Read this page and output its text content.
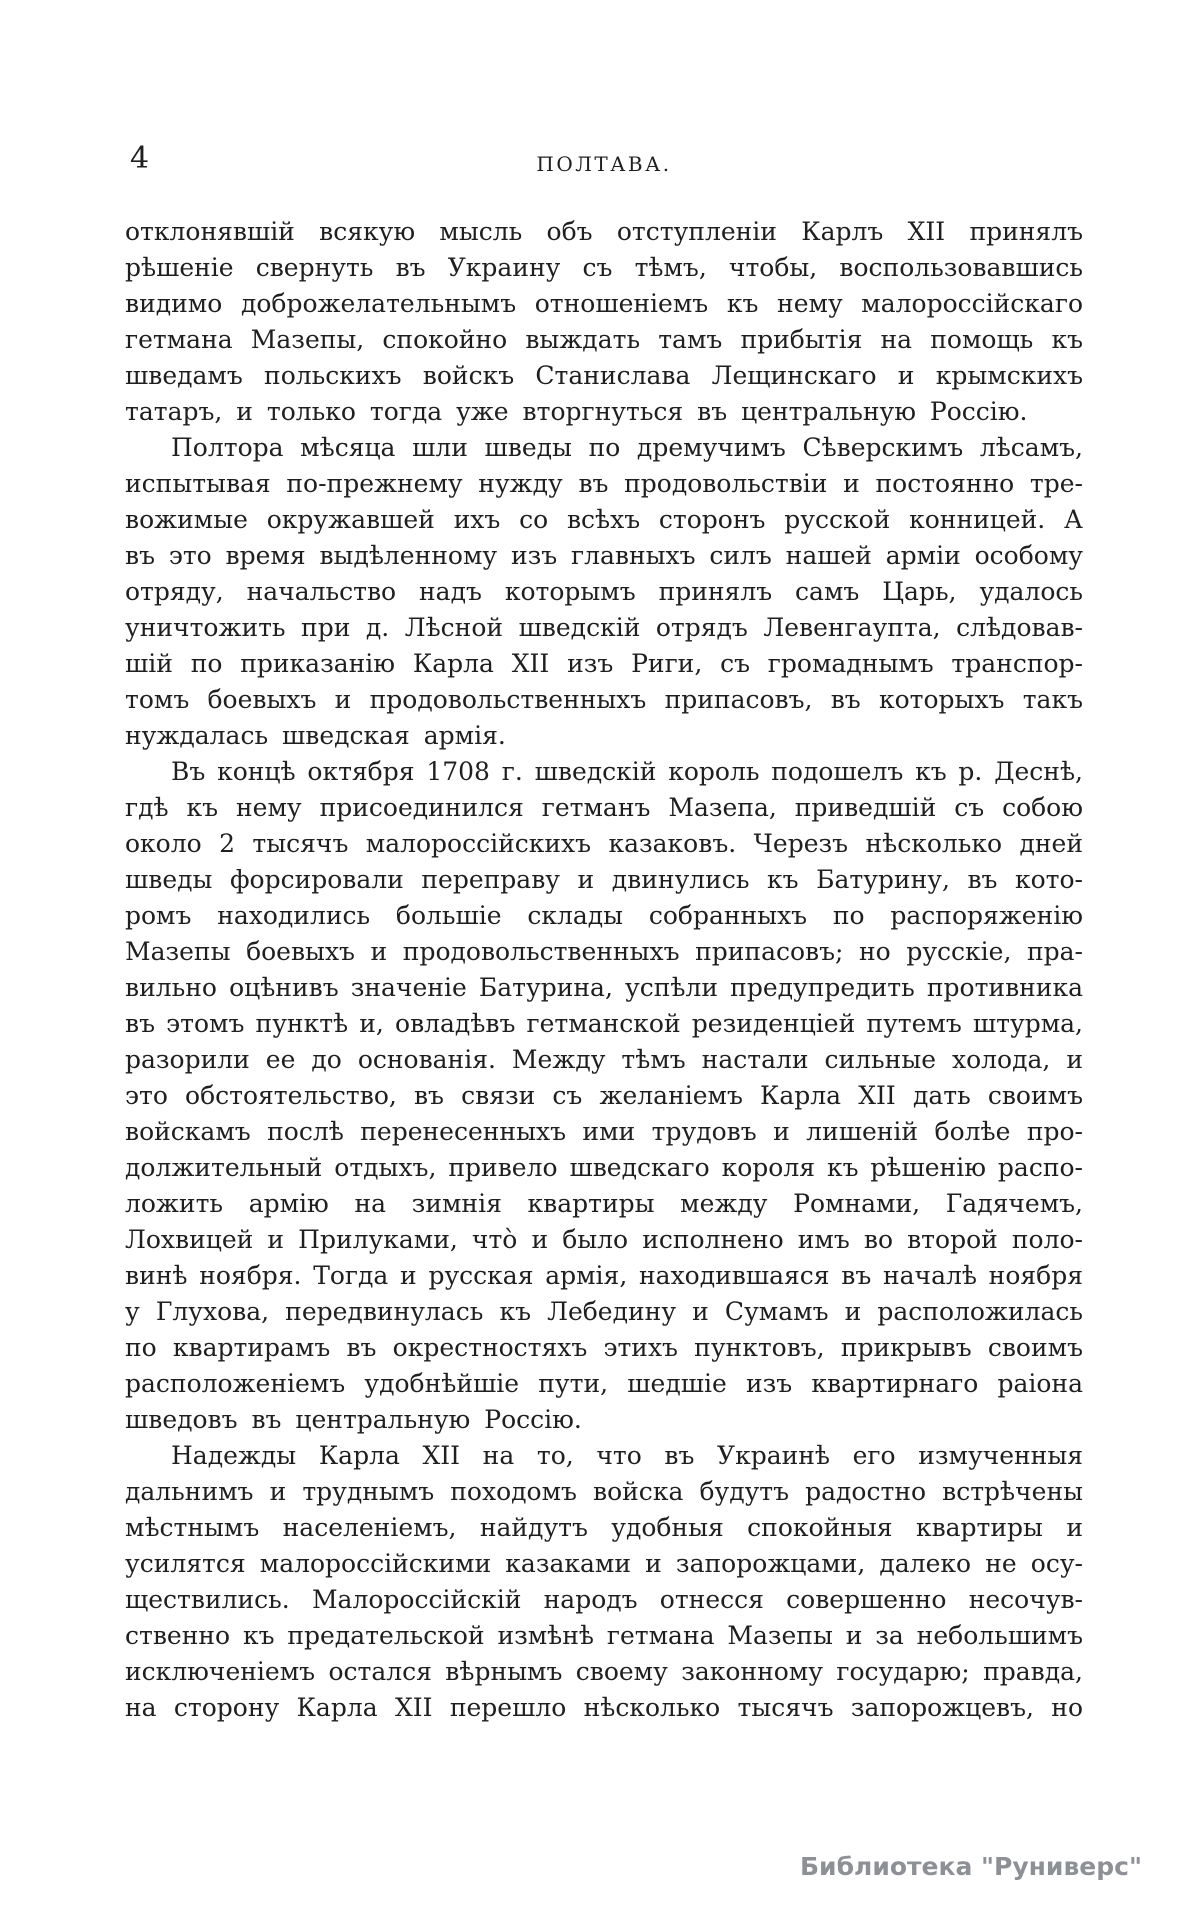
4	ПОЛТАВА.
отклонявшій всякую мысль объ отступленіи Карлъ XII принялъ
рѣшеніе свернуть въ Украину съ тѣмъ, чтобы, воспользовавшись
видимо доброжелательнымъ отношеніемъ къ нему малороссійскаго
гетмана Мазепы, спокойно выждать тамъ прибытія на помощь къ
шведамъ польскихъ войскъ Станислава Лещинскаго и крымскихъ
татаръ, и только тогда уже вторгнуться въ центральную Россію.
Полтора мѣсяца шли шведы по дремучимъ Сѣверскимъ лѣсамъ,
испытывая по-прежнему нужду въ продовольствіи и постоянно тре-
вожимые окружавшей ихъ со всѣхъ сторонъ русской конницей. А
въ это время выдѣленному изъ главныхъ силъ нашей арміи особому
отряду, начальство надъ которымъ принялъ самъ Царь, удалось
уничтожить при д. Лѣсной шведскій отрядъ Левенгаупта, слѣдовав-
шій по приказанію Карла XII изъ Риги, съ громаднымъ транспор-
томъ боевыхъ и продовольственныхъ припасовъ, въ которыхъ такъ
нуждалась шведская армія.
Въ концѣ октября 1708 г. шведскій король подошелъ къ р. Деснѣ,
гдѣ къ нему присоединился гетманъ Мазепа, приведшій съ собою
около 2 тысячъ малороссійскихъ казаковъ. Черезъ нѣсколько дней
шведы форсировали переправу и двинулись къ Батурину, въ кото-
ромъ находились большіе склады собранныхъ по распоряженію
Мазепы боевыхъ и продовольственныхъ припасовъ; но русскіе, пра-
вильно оцѣнивъ значеніе Батурина, успѣли предупредить противника
въ этомъ пунктѣ и, овладѣвъ гетманской резиденціей путемъ штурма,
разорили ее до основанія. Между тѣмъ настали сильные холода, и
это обстоятельство, въ связи съ желаніемъ Карла XII дать своимъ
войскамъ послѣ перенесенныхъ ими трудовъ и лишеній болѣе про-
должительный отдыхъ, привело шведскаго короля къ рѣшенію распо-
ложить армію на зимнія квартиры между Ромнами, Гадячемъ,
Лохвицей и Прилуками, что̀ и было исполнено имъ во второй поло-
винѣ ноября. Тогда и русская армія, находившаяся въ началѣ ноября
у Глухова, передвинулась къ Лебедину и Сумамъ и расположилась
по квартирамъ въ окрестностяхъ этихъ пунктовъ, прикрывъ своимъ
расположеніемъ удобнѣйшіе пути, шедшіе изъ квартирнаго раіона
шведовъ въ центральную Россію.
Надежды Карла XII на то, что въ Украинѣ его измученныя
дальнимъ и труднымъ походомъ войска будутъ радостно встрѣчены
мѣстнымъ населеніемъ, найдутъ удобныя спокойныя квартиры и
усилятся малороссійскими казаками и запорожцами, далеко не осу-
ществились. Малороссійскій народъ отнесся совершенно несочув-
ственно къ предательской измѣнѣ гетмана Мазепы и за небольшимъ
исключеніемъ остался вѣрнымъ своему законному государю; правда,
на сторону Карла XII перешло нѣсколько тысячъ запорожцевъ, но
Библиотека "Руниверс"
